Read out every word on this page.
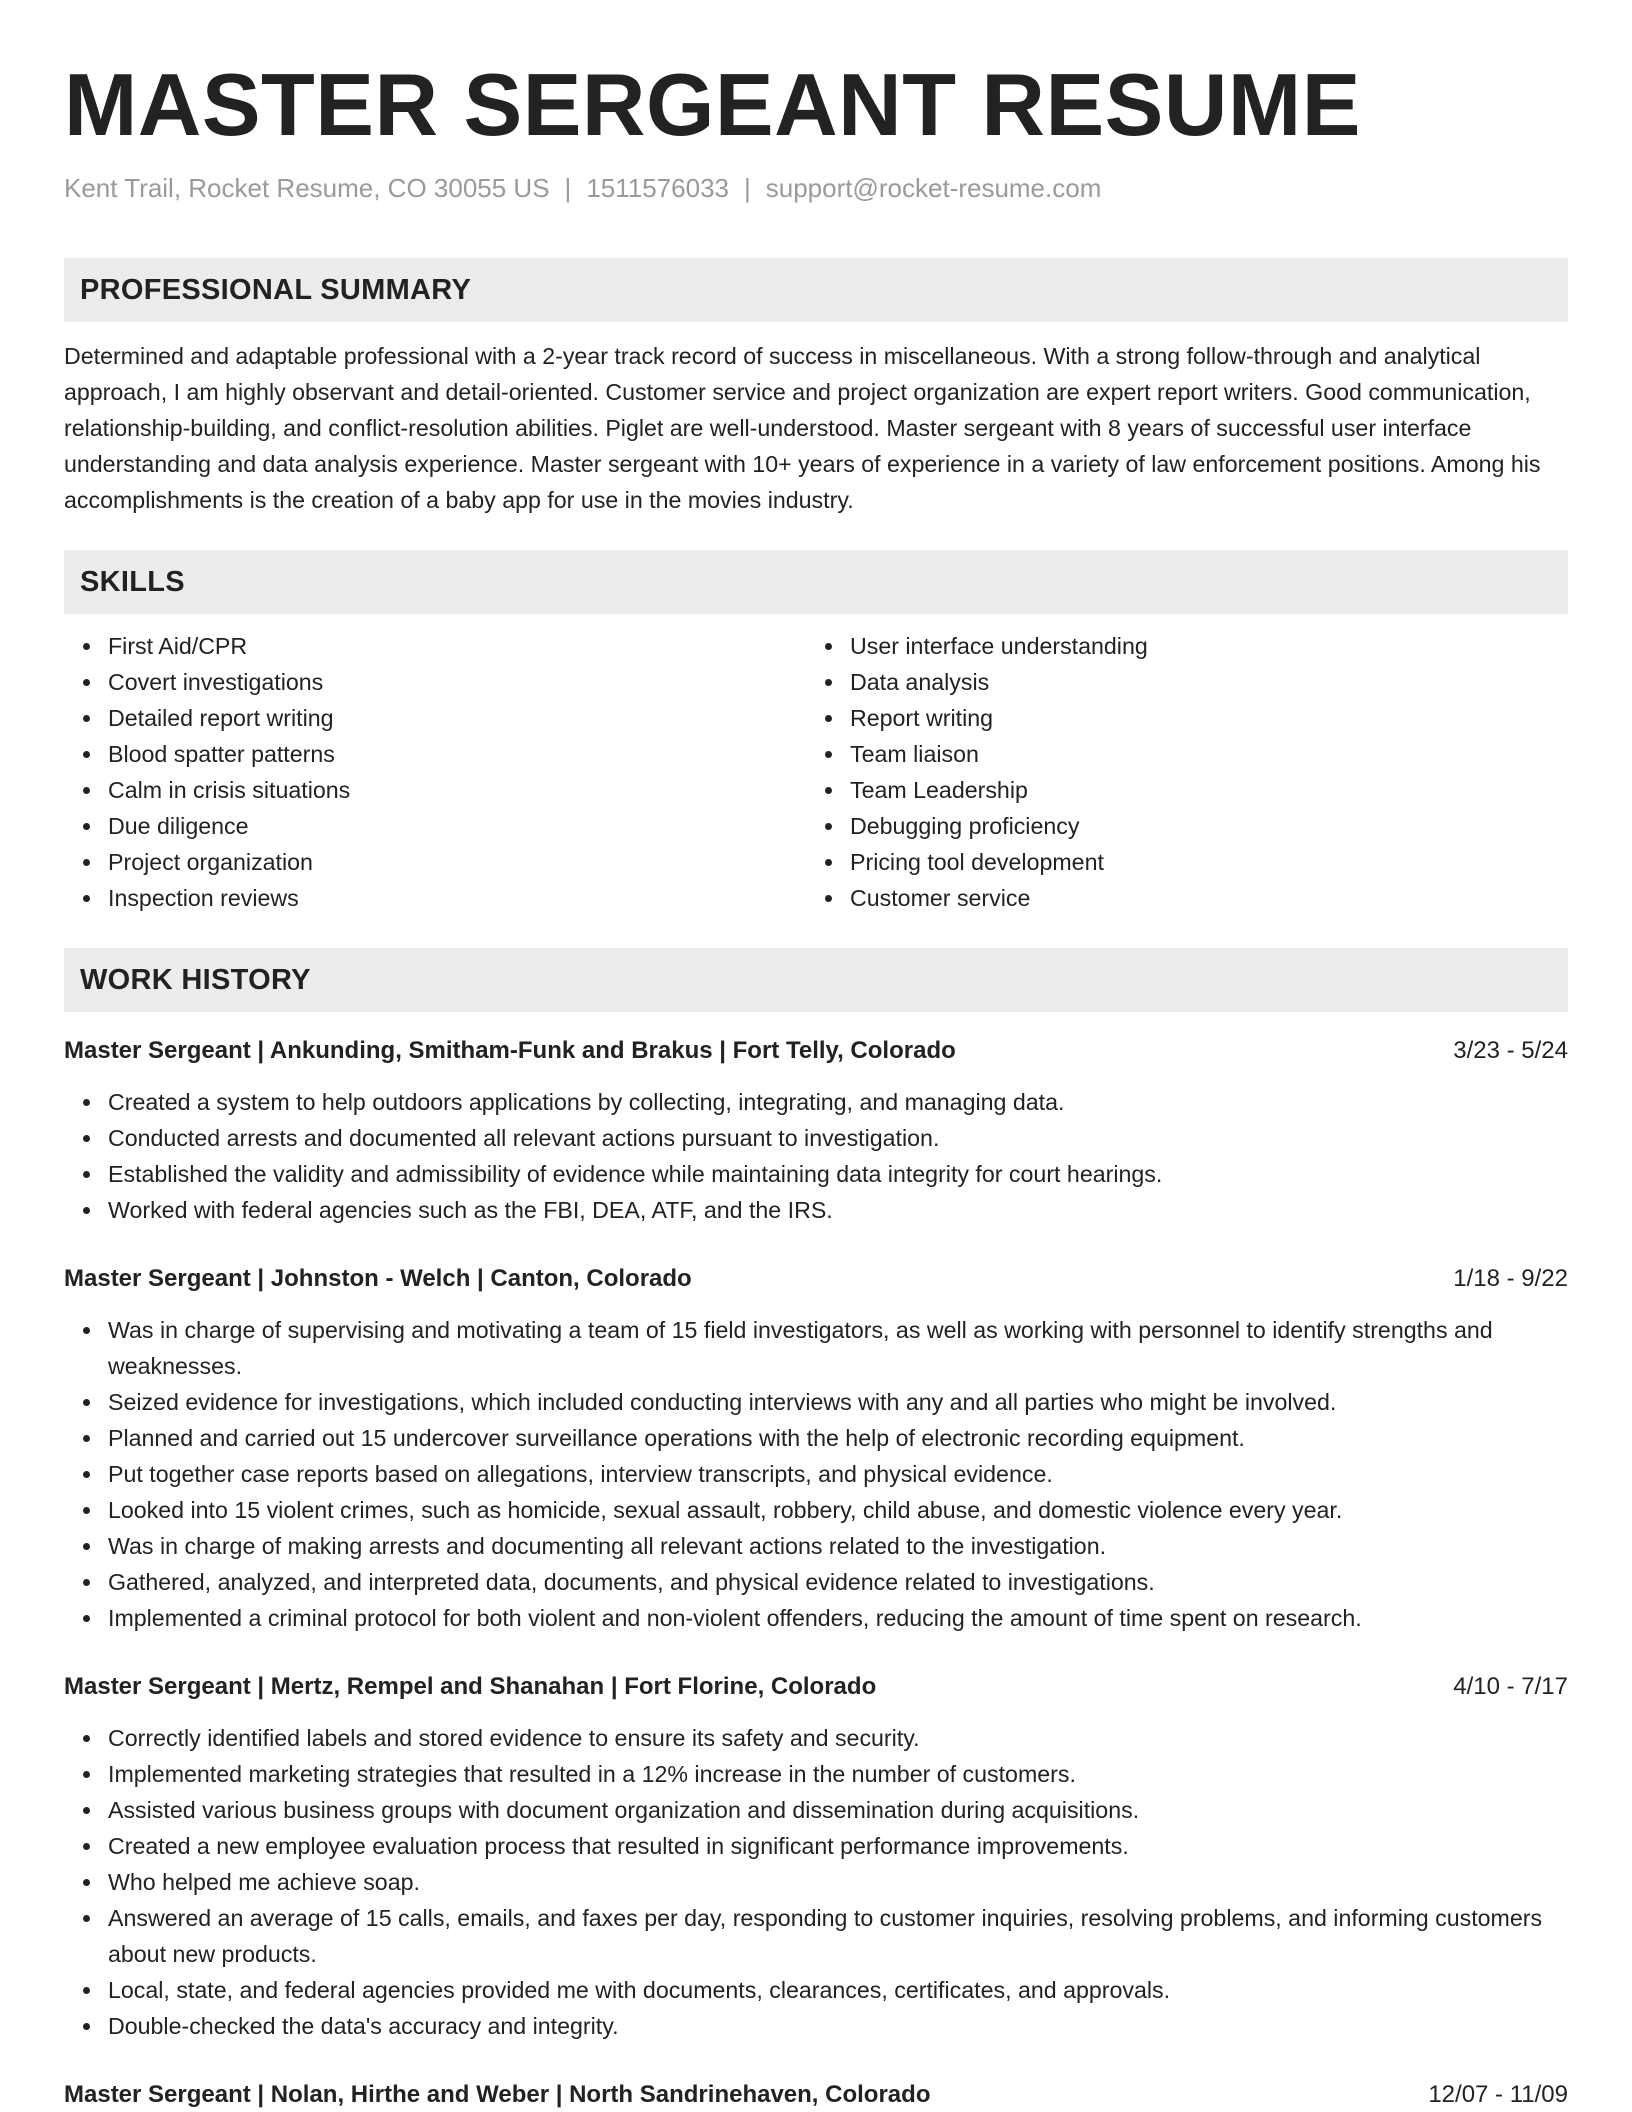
MASTER SERGEANT RESUME
Kent Trail, Rocket Resume, CO 30055 US | 1511576033 | support@rocket-resume.com
PROFESSIONAL SUMMARY
Determined and adaptable professional with a 2-year track record of success in miscellaneous. With a strong follow-through and analytical approach, I am highly observant and detail-oriented. Customer service and project organization are expert report writers. Good communication, relationship-building, and conflict-resolution abilities. Piglet are well-understood. Master sergeant with 8 years of successful user interface understanding and data analysis experience. Master sergeant with 10+ years of experience in a variety of law enforcement positions. Among his accomplishments is the creation of a baby app for use in the movies industry.
SKILLS
First Aid/CPR
Covert investigations
Detailed report writing
Blood spatter patterns
Calm in crisis situations
Due diligence
Project organization
Inspection reviews
User interface understanding
Data analysis
Report writing
Team liaison
Team Leadership
Debugging proficiency
Pricing tool development
Customer service
WORK HISTORY
Master Sergeant | Ankunding, Smitham-Funk and Brakus | Fort Telly, Colorado	3/23 - 5/24
Created a system to help outdoors applications by collecting, integrating, and managing data.
Conducted arrests and documented all relevant actions pursuant to investigation.
Established the validity and admissibility of evidence while maintaining data integrity for court hearings.
Worked with federal agencies such as the FBI, DEA, ATF, and the IRS.
Master Sergeant | Johnston - Welch | Canton, Colorado	1/18 - 9/22
Was in charge of supervising and motivating a team of 15 field investigators, as well as working with personnel to identify strengths and weaknesses.
Seized evidence for investigations, which included conducting interviews with any and all parties who might be involved.
Planned and carried out 15 undercover surveillance operations with the help of electronic recording equipment.
Put together case reports based on allegations, interview transcripts, and physical evidence.
Looked into 15 violent crimes, such as homicide, sexual assault, robbery, child abuse, and domestic violence every year.
Was in charge of making arrests and documenting all relevant actions related to the investigation.
Gathered, analyzed, and interpreted data, documents, and physical evidence related to investigations.
Implemented a criminal protocol for both violent and non-violent offenders, reducing the amount of time spent on research.
Master Sergeant | Mertz, Rempel and Shanahan | Fort Florine, Colorado	4/10 - 7/17
Correctly identified labels and stored evidence to ensure its safety and security.
Implemented marketing strategies that resulted in a 12% increase in the number of customers.
Assisted various business groups with document organization and dissemination during acquisitions.
Created a new employee evaluation process that resulted in significant performance improvements.
Who helped me achieve soap.
Answered an average of 15 calls, emails, and faxes per day, responding to customer inquiries, resolving problems, and informing customers about new products.
Local, state, and federal agencies provided me with documents, clearances, certificates, and approvals.
Double-checked the data's accuracy and integrity.
Master Sergeant | Nolan, Hirthe and Weber | North Sandrinehaven, Colorado	12/07 - 11/09
